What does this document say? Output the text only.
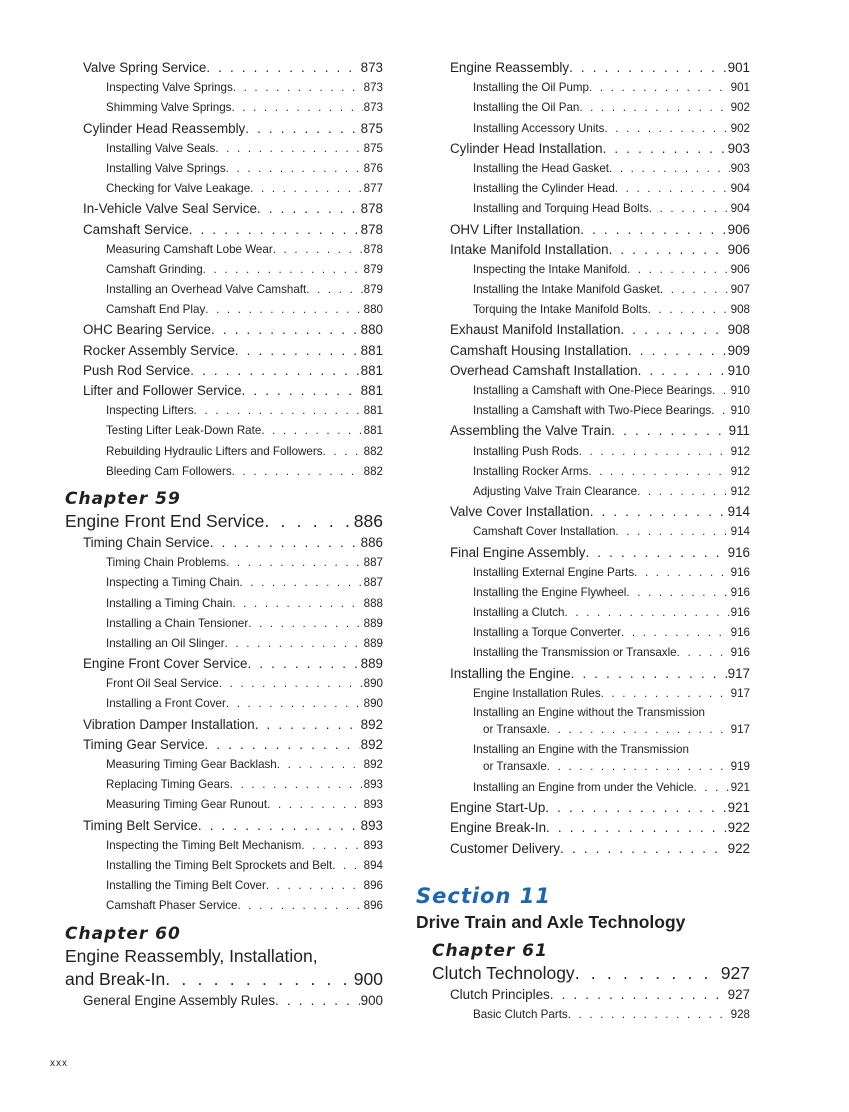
Valve Spring Service . . .	873
Inspecting Valve Springs . . .	873
Shimming Valve Springs . . .	873
Cylinder Head Reassembly . . .	875
Installing Valve Seals . . .	875
Installing Valve Springs . . .	876
Checking for Valve Leakage . . .	877
In-Vehicle Valve Seal Service . . .	878
Camshaft Service . . .	878
Measuring Camshaft Lobe Wear . . .	878
Camshaft Grinding . . .	879
Installing an Overhead Valve Camshaft . . .	879
Camshaft End Play . . .	880
OHC Bearing Service . . .	880
Rocker Assembly Service . . .	881
Push Rod Service . . .	881
Lifter and Follower Service . . .	881
Inspecting Lifters . . .	881
Testing Lifter Leak-Down Rate . . .	881
Rebuilding Hydraulic Lifters and Followers . . .	882
Bleeding Cam Followers . . .	882
Chapter 59
Engine Front End Service . . .	886
Timing Chain Service . . .	886
Timing Chain Problems . . .	887
Inspecting a Timing Chain . . .	887
Installing a Timing Chain . . .	888
Installing a Chain Tensioner . . .	889
Installing an Oil Slinger . . .	889
Engine Front Cover Service . . .	889
Front Oil Seal Service . . .	890
Installing a Front Cover . . .	890
Vibration Damper Installation . . .	892
Timing Gear Service . . .	892
Measuring Timing Gear Backlash . . .	892
Replacing Timing Gears . . .	893
Measuring Timing Gear Runout . . .	893
Timing Belt Service . . .	893
Inspecting the Timing Belt Mechanism . . .	893
Installing the Timing Belt Sprockets and Belt . . .	894
Installing the Timing Belt Cover . . .	896
Camshaft Phaser Service . . .	896
Chapter 60
Engine Reassembly, Installation,
and Break-In . . .	900
General Engine Assembly Rules . . .	900
Engine Reassembly . . .	901
Installing the Oil Pump . . .	901
Installing the Oil Pan . . .	902
Installing Accessory Units . . .	902
Cylinder Head Installation . . .	903
Installing the Head Gasket . . .	903
Installing the Cylinder Head . . .	904
Installing and Torquing Head Bolts . . .	904
OHV Lifter Installation . . .	906
Intake Manifold Installation . . .	906
Inspecting the Intake Manifold . . .	906
Installing the Intake Manifold Gasket . . .	907
Torquing the Intake Manifold Bolts . . .	908
Exhaust Manifold Installation . . .	908
Camshaft Housing Installation . . .	909
Overhead Camshaft Installation . . .	910
Installing a Camshaft with One-Piece Bearings . . . 910
Installing a Camshaft with Two-Piece Bearings . . . 910
Assembling the Valve Train . . .	911
Installing Push Rods . . .	912
Installing Rocker Arms . . .	912
Adjusting Valve Train Clearance . . .	912
Valve Cover Installation . . .	914
Camshaft Cover Installation . . .	914
Final Engine Assembly . . .	916
Installing External Engine Parts . . .	916
Installing the Engine Flywheel . . .	916
Installing a Clutch . . .	916
Installing a Torque Converter . . .	916
Installing the Transmission or Transaxle . . .	916
Installing the Engine . . .	917
Engine Installation Rules . . .	917
Installing an Engine without the Transmission
or Transaxle . . .	917
Installing an Engine with the Transmission
or Transaxle . . .	919
Installing an Engine from under the Vehicle . . .	921
Engine Start-Up . . .	921
Engine Break-In . . .	922
Customer Delivery . . .	922
Section 11
Drive Train and Axle Technology
Chapter 61
Clutch Technology . . .	927
Clutch Principles . . .	927
Basic Clutch Parts . . .	928
xxx
